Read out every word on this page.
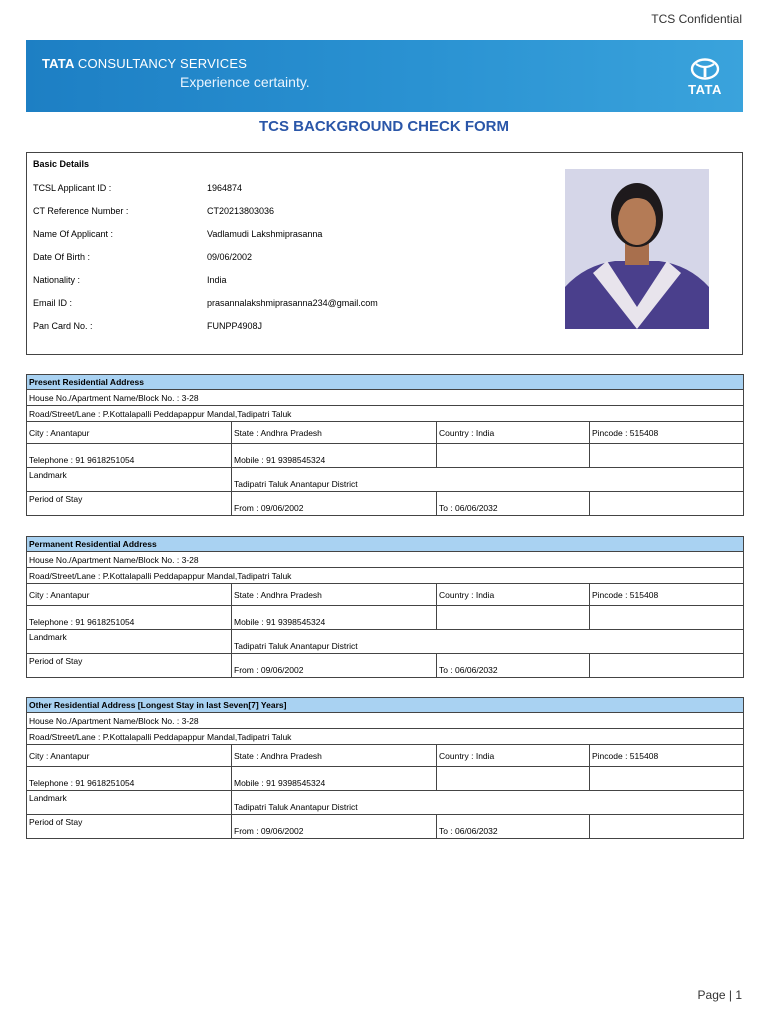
TCS Confidential
TATA CONSULTANCY SERVICES
Experience certainty.	TATA
TCS BACKGROUND CHECK FORM
Basic Details
TCSL Applicant ID :	1964874
CT Reference Number :	CT20213803036
Name Of Applicant :	Vadlamudi Lakshmiprasanna
Date Of Birth :	09/06/2002
Nationality :	India
Email ID :	prasannalakshmiprasanna234@gmail.com
Pan Card No. :	FUNPP4908J
Present Residential Address			
House No./Apartment Name/Block No. : 3-28			
Road/Street/Lane : P.Kottalapalli Peddapappur Mandal,Tadipatri Taluk			
City : Anantapur	State : Andhra Pradesh	Country : India	Pincode : 515408
Telephone : 91 9618251054	Mobile : 91 9398545324		
Landmark	Tadipatri Taluk Anantapur District		
Period of Stay	From : 09/06/2002	To : 06/06/2032	
Permanent Residential Address			
House No./Apartment Name/Block No. : 3-28			
Road/Street/Lane : P.Kottalapalli Peddapappur Mandal,Tadipatri Taluk			
City : Anantapur	State : Andhra Pradesh	Country : India	Pincode : 515408
Telephone : 91 9618251054	Mobile : 91 9398545324		
Landmark	Tadipatri Taluk Anantapur District		
Period of Stay	From : 09/06/2002	To : 06/06/2032	
Other Residential Address [Longest Stay in last Seven[7] Years]			
House No./Apartment Name/Block No. : 3-28			
Road/Street/Lane : P.Kottalapalli Peddapappur Mandal,Tadipatri Taluk			
City : Anantapur	State : Andhra Pradesh	Country : India	Pincode : 515408
Telephone : 91 9618251054	Mobile : 91 9398545324		
Landmark	Tadipatri Taluk Anantapur District		
Period of Stay	From : 09/06/2002	To : 06/06/2032	
Page | 1
